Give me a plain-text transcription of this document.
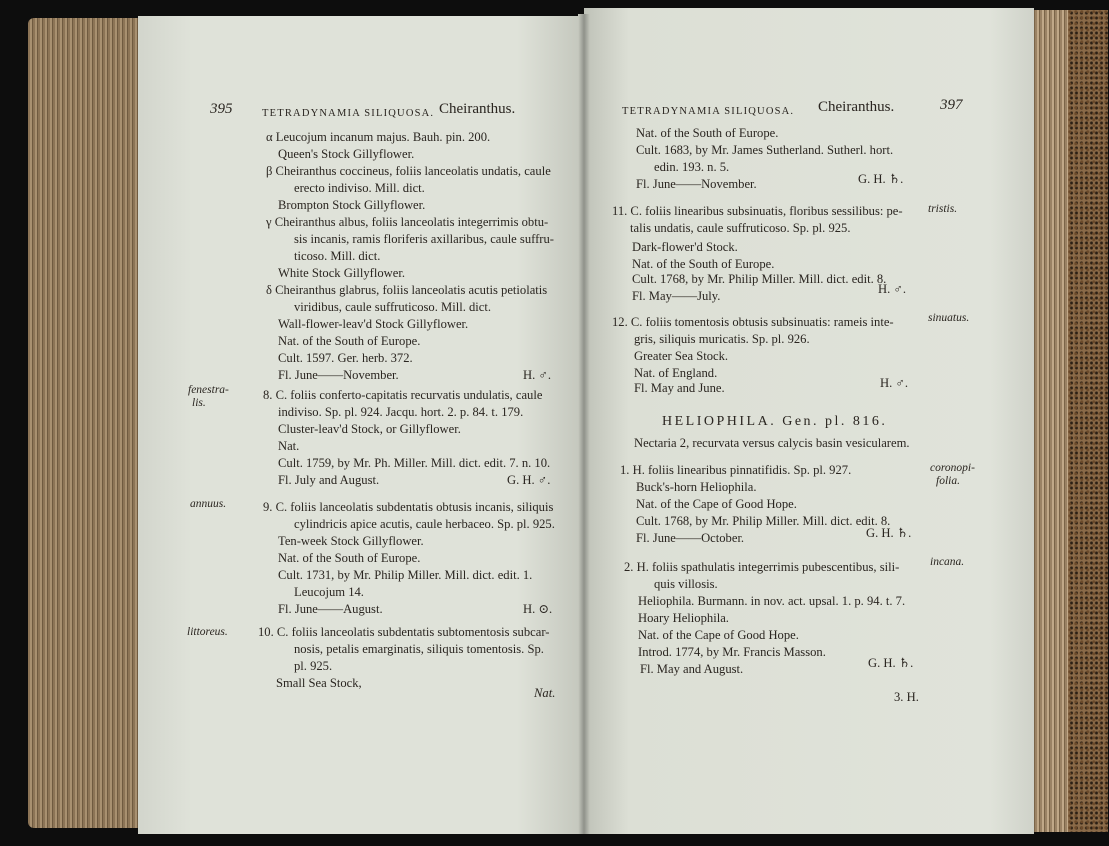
395	TETRADYNAMIA SILIQUOSA. Cheiranthus.
α Leucojum incanum majus. Bauh. pin. 200.
Queen's Stock Gillyflower.
β Cheiranthus coccineus, foliis lanceolatis undatis, caule
erecto indiviso. Mill. dict.
Brompton Stock Gillyflower.
γ Cheiranthus albus, foliis lanceolatis integerrimis obtu-
sis incanis, ramis floriferis axillaribus, caule suffru-
ticoso. Mill. dict.
White Stock Gillyflower.
δ Cheiranthus glabrus, foliis lanceolatis acutis petiolatis
viridibus, caule suffruticoso. Mill. dict.
Wall-flower-leav'd Stock Gillyflower.
Nat. of the South of Europe.
Cult. 1597. Ger. herb. 372.
Fl. June——November.	H. ♂.
fenestra-
lis.
8. C. foliis conferto-capitatis recurvatis undulatis, caule
indiviso. Sp. pl. 924. Jacqu. hort. 2. p. 84. t. 179.
Cluster-leav'd Stock, or Gillyflower.
Nat.
Cult. 1759, by Mr. Ph. Miller. Mill. dict. edit. 7. n. 10.
Fl. July and August.	G. H. ♂.
annuus.	9. C. foliis lanceolatis subdentatis obtusis incanis, siliquis
cylindricis apice acutis, caule herbaceo. Sp. pl. 925.
Ten-week Stock Gillyflower.
Nat. of the South of Europe.
Cult. 1731, by Mr. Philip Miller. Mill. dict. edit. 1.
Leucojum 14.
Fl. June——August.	H. ⊙.
littoreus. 10. C. foliis lanceolatis subdentatis subtomentosis subcar-
nosis, petalis emarginatis, siliquis tomentosis. Sp.
pl. 925.
Small Sea Stock,
Nat.
TETRADYNAMIA SILIQUOSA. Cheiranthus.	397
Nat. of the South of Europe.
Cult. 1683, by Mr. James Sutherland. Sutherl. hort.
edin. 193. n. 5.
Fl. June——November.	G. H. ♄.
tristis.
11. C. foliis linearibus subsinuatis, floribus sessilibus: pe-
talis undatis, caule suffruticoso. Sp. pl. 925.
Dark-flower'd Stock.
Nat. of the South of Europe.
Cult. 1768, by Mr. Philip Miller. Mill. dict. edit. 8.
Fl. May——July.	H. ♂.
sinuatus.
12. C. foliis tomentosis obtusis subsinuatis: rameis inte-
gris, siliquis muricatis. Sp. pl. 926.
Greater Sea Stock.
Nat. of England.
Fl. May and June.	H. ♂.
HELIOPHILA. Gen. pl. 816.
Nectaria 2, recurvata versus calycis basin vesicularem.
coronopi-
folia.
1. H. foliis linearibus pinnatifidis. Sp. pl. 927.
Buck's-horn Heliophila.
Nat. of the Cape of Good Hope.
Cult. 1768, by Mr. Philip Miller. Mill. dict. edit. 8.
Fl. June——October.	G. H. ♄.
incana.
2. H. foliis spathulatis integerrimis pubescentibus, sili-
quis villosis.
Heliophila. Burmann. in nov. act. upsal. 1. p. 94. t. 7.
Hoary Heliophila.
Nat. of the Cape of Good Hope.
Introd. 1774, by Mr. Francis Masson.
Fl. May and August.	G. H. ♄.
3. H.
